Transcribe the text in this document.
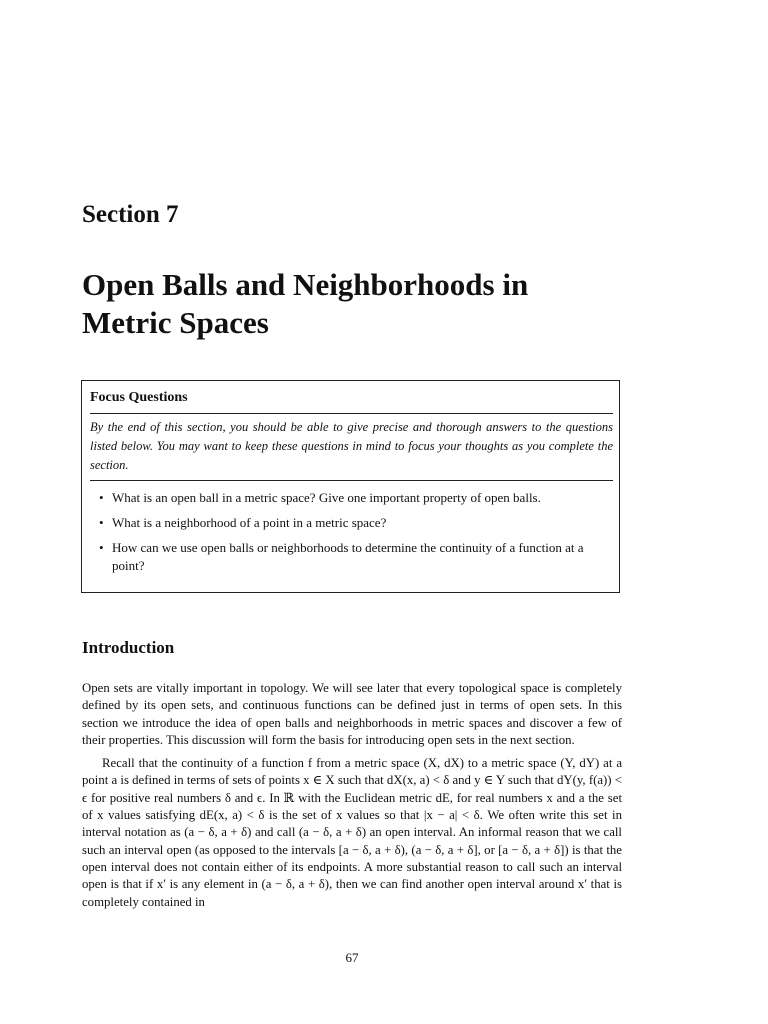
Section 7
Open Balls and Neighborhoods in
Metric Spaces

Focus Questions

By the end of this section, you should be able to give precise and thorough answers to the questions listed below. You may want to keep these questions in mind to focus your thoughts as you complete the section.

• What is an open ball in a metric space? Give one important property of open balls.
• What is a neighborhood of a point in a metric space?
• How can we use open balls or neighborhoods to determine the continuity of a function at a point?
Introduction

Open sets are vitally important in topology. We will see later that every topological space is completely defined by its open sets, and continuous functions can be defined just in terms of open sets. In this section we introduce the idea of open balls and neighborhoods in metric spaces and discover a few of their properties. This discussion will form the basis for introducing open sets in the next section.

Recall that the continuity of a function f from a metric space (X, dX) to a metric space (Y, dY) at a point a is defined in terms of sets of points x ∈ X such that dX(x, a) < δ and y ∈ Y such that dY(y, f(a)) < ϵ for positive real numbers δ and ϵ. In ℝ with the Euclidean metric dE, for real numbers x and a the set of x values satisfying dE(x, a) < δ is the set of x values so that |x − a| < δ. We often write this set in interval notation as (a − δ, a + δ) and call (a − δ, a + δ) an open interval. An informal reason that we call such an interval open (as opposed to the intervals [a − δ, a + δ), (a − δ, a + δ], or [a − δ, a + δ]) is that the open interval does not contain either of its endpoints. A more substantial reason to call such an interval open is that if x′ is any element in (a − δ, a + δ), then we can find another open interval around x′ that is completely contained in

67
